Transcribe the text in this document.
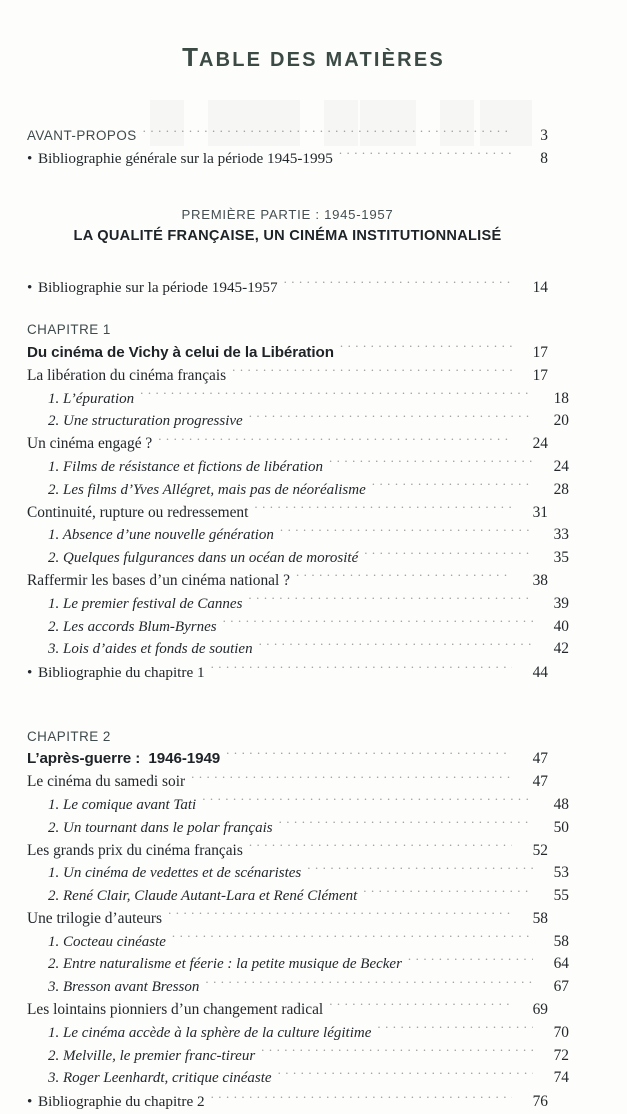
TABLE DES MATIÈRES
AVANT-PROPOS . . .	3
• Bibliographie générale sur la période 1945-1995 . . .	8
PREMIÈRE PARTIE : 1945-1957
LA QUALITÉ FRANÇAISE, UN CINÉMA INSTITUTIONNALISÉ
• Bibliographie sur la période 1945-1957 . . .	14
CHAPITRE 1
Du cinéma de Vichy à celui de la Libération . . .	17
La libération du cinéma français . . .	17
1. L’épuration . . .	18
2. Une structuration progressive . . .	20
Un cinéma engagé ? . . .	24
1. Films de résistance et fictions de libération . . .	24
2. Les films d’Yves Allégret, mais pas de néoréalisme . . .	28
Continuité, rupture ou redressement . . .	31
1. Absence d’une nouvelle génération . . .	33
2. Quelques fulgurances dans un océan de morosité . . .	35
Raffermir les bases d’un cinéma national ? . . .	38
1. Le premier festival de Cannes . . .	39
2. Les accords Blum-Byrnes . . .	40
3. Lois d’aides et fonds de soutien . . .	42
• Bibliographie du chapitre 1 . . .	44
CHAPITRE 2
L’après-guerre :  1946-1949 . . .	47
Le cinéma du samedi soir . . .	47
1. Le comique avant Tati . . .	48
2. Un tournant dans le polar français . . .	50
Les grands prix du cinéma français . . .	52
1. Un cinéma de vedettes et de scénaristes . . .	53
2. René Clair, Claude Autant-Lara et René Clément . . .	55
Une trilogie d’auteurs . . .	58
1. Cocteau cinéaste . . .	58
2. Entre naturalisme et féerie : la petite musique de Becker . . .	64
3. Bresson avant Bresson . . .	67
Les lointains pionniers d’un changement radical . . .	69
1. Le cinéma accède à la sphère de la culture légitime . . .	70
2. Melville, le premier franc-tireur . . .	72
3. Roger Leenhardt, critique cinéaste . . .	74
• Bibliographie du chapitre 2 . . .	76
